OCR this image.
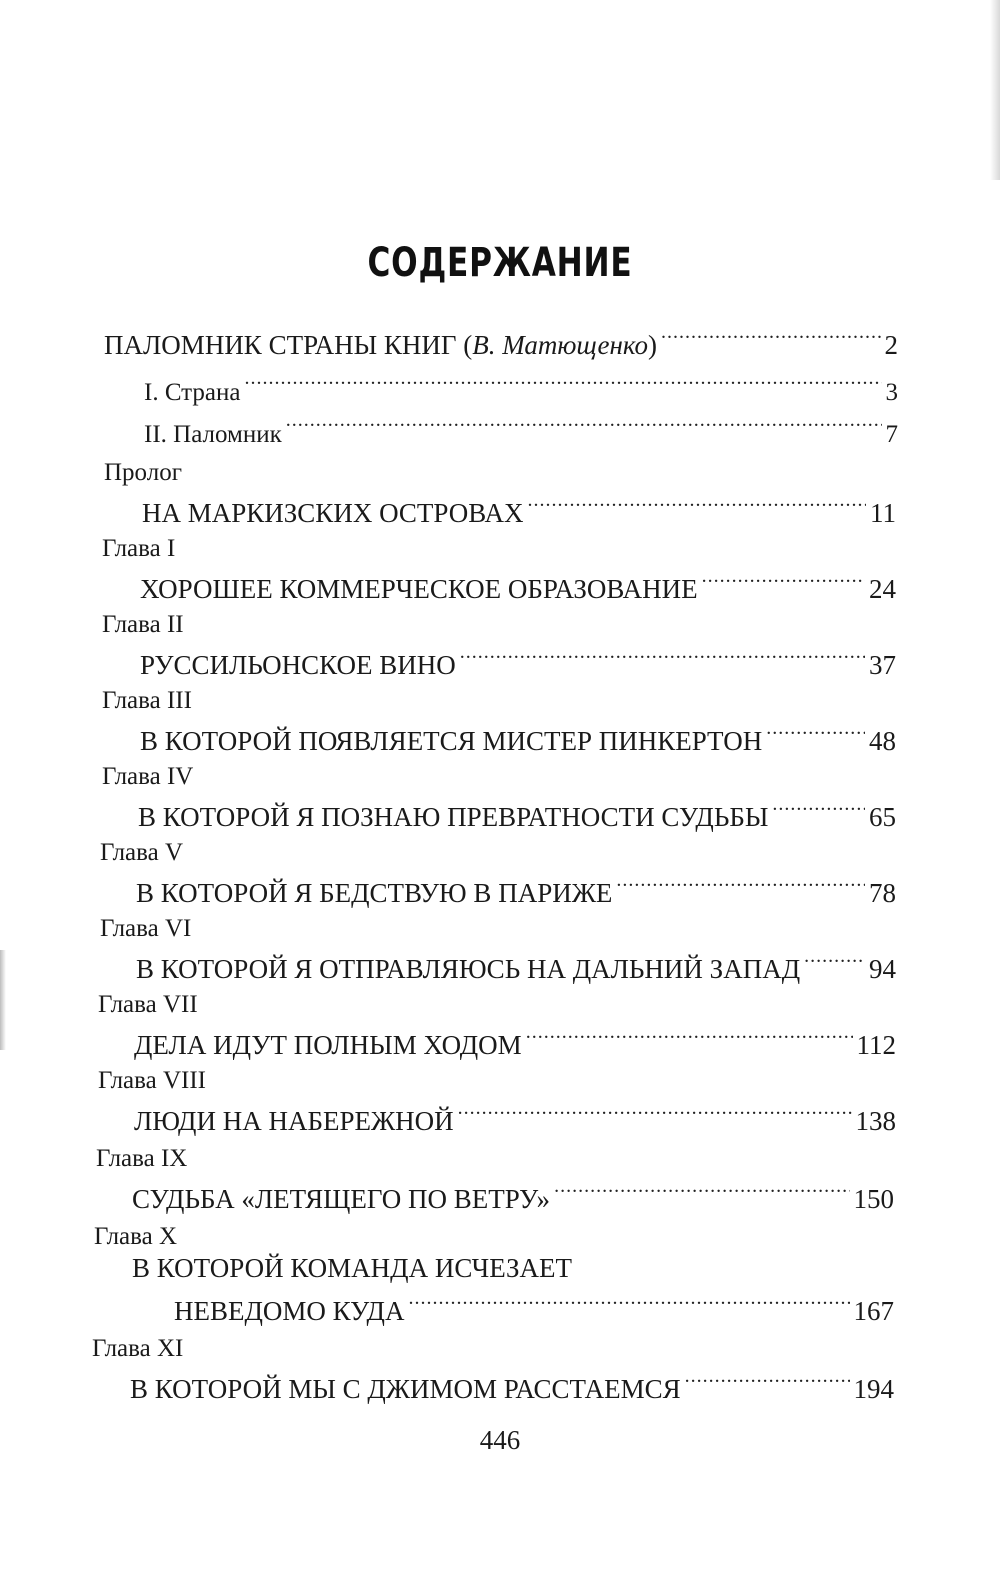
СОДЕРЖАНИЕ
ПАЛОМНИК СТРАНЫ КНИГ (В. Матющенко) .....	2
I. Страна .....	3
II. Паломник .....	7
Пролог
НА МАРКИЗСКИХ ОСТРОВАХ .....	11
Глава I
ХОРОШЕЕ КОММЕРЧЕСКОЕ ОБРАЗОВАНИЕ .....	24
Глава II
РУССИЛЬОНСКОЕ ВИНО .....	37
Глава III
В КОТОРОЙ ПОЯВЛЯЕТСЯ МИСТЕР ПИНКЕРТОН .....	48
Глава IV
В КОТОРОЙ Я ПОЗНАЮ ПРЕВРАТНОСТИ СУДЬБЫ .....	65
Глава V
В КОТОРОЙ Я БЕДСТВУЮ В ПАРИЖЕ .....	78
Глава VI
В КОТОРОЙ Я ОТПРАВЛЯЮСЬ НА ДАЛЬНИЙ ЗАПАД .....	94
Глава VII
ДЕЛА ИДУТ ПОЛНЫМ ХОДОМ .....	112
Глава VIII
ЛЮДИ НА НАБЕРЕЖНОЙ .....	138
Глава IX
СУДЬБА «ЛЕТЯЩЕГО ПО ВЕТРУ» .....	150
Глава X
В КОТОРОЙ КОМАНДА ИСЧЕЗАЕТ
НЕВЕДОМО КУДА .....	167
Глава XI
В КОТОРОЙ МЫ С ДЖИМОМ РАССТАЕМСЯ .....	194
446
